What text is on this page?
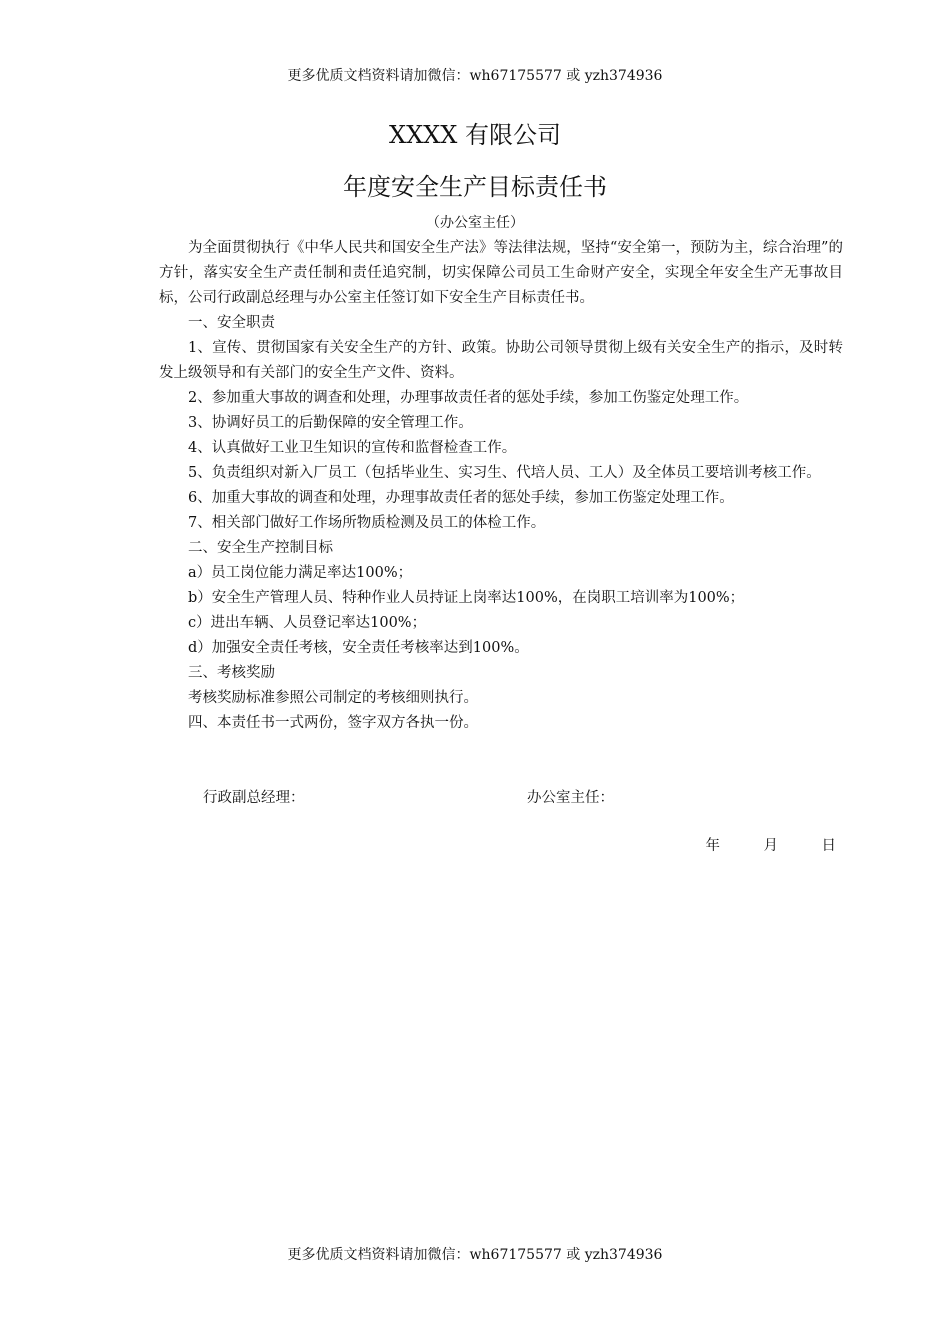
更多优质文档资料请加微信：wh67175577 或 yzh374936
XXXX 有限公司
年度安全生产目标责任书
（办公室主任）

为全面贯彻执行《中华人民共和国安全生产法》等法律法规，坚持“安全第一，预防为主，综合治理”的方针，落实安全生产责任制和责任追究制，切实保障公司员工生命财产安全，实现全年安全生产无事故目标，公司行政副总经理与办公室主任签订如下安全生产目标责任书。

一、安全职责

1、宣传、贯彻国家有关安全生产的方针、政策。协助公司领导贯彻上级有关安全生产的指示，及时转发上级领导和有关部门的安全生产文件、资料。

2、参加重大事故的调查和处理，办理事故责任者的惩处手续，参加工伤鉴定处理工作。

3、协调好员工的后勤保障的安全管理工作。

4、认真做好工业卫生知识的宣传和监督检查工作。

5、负责组织对新入厂员工（包括毕业生、实习生、代培人员、工人）及全体员工要培训考核工作。

6、加重大事故的调查和处理，办理事故责任者的惩处手续，参加工伤鉴定处理工作。

7、相关部门做好工作场所物质检测及员工的体检工作。

二、安全生产控制目标

a）员工岗位能力满足率达100%；

b）安全生产管理人员、特种作业人员持证上岗率达100%，在岗职工培训率为100%；

c）进出车辆、人员登记率达100%；

d）加强安全责任考核，安全责任考核率达到100%。

三、考核奖励

考核奖励标准参照公司制定的考核细则执行。

四、本责任书一式两份，签字双方各执一份。

行政副总经理：	办公室主任：
年　　　月　　　日
更多优质文档资料请加微信：wh67175577 或 yzh374936
